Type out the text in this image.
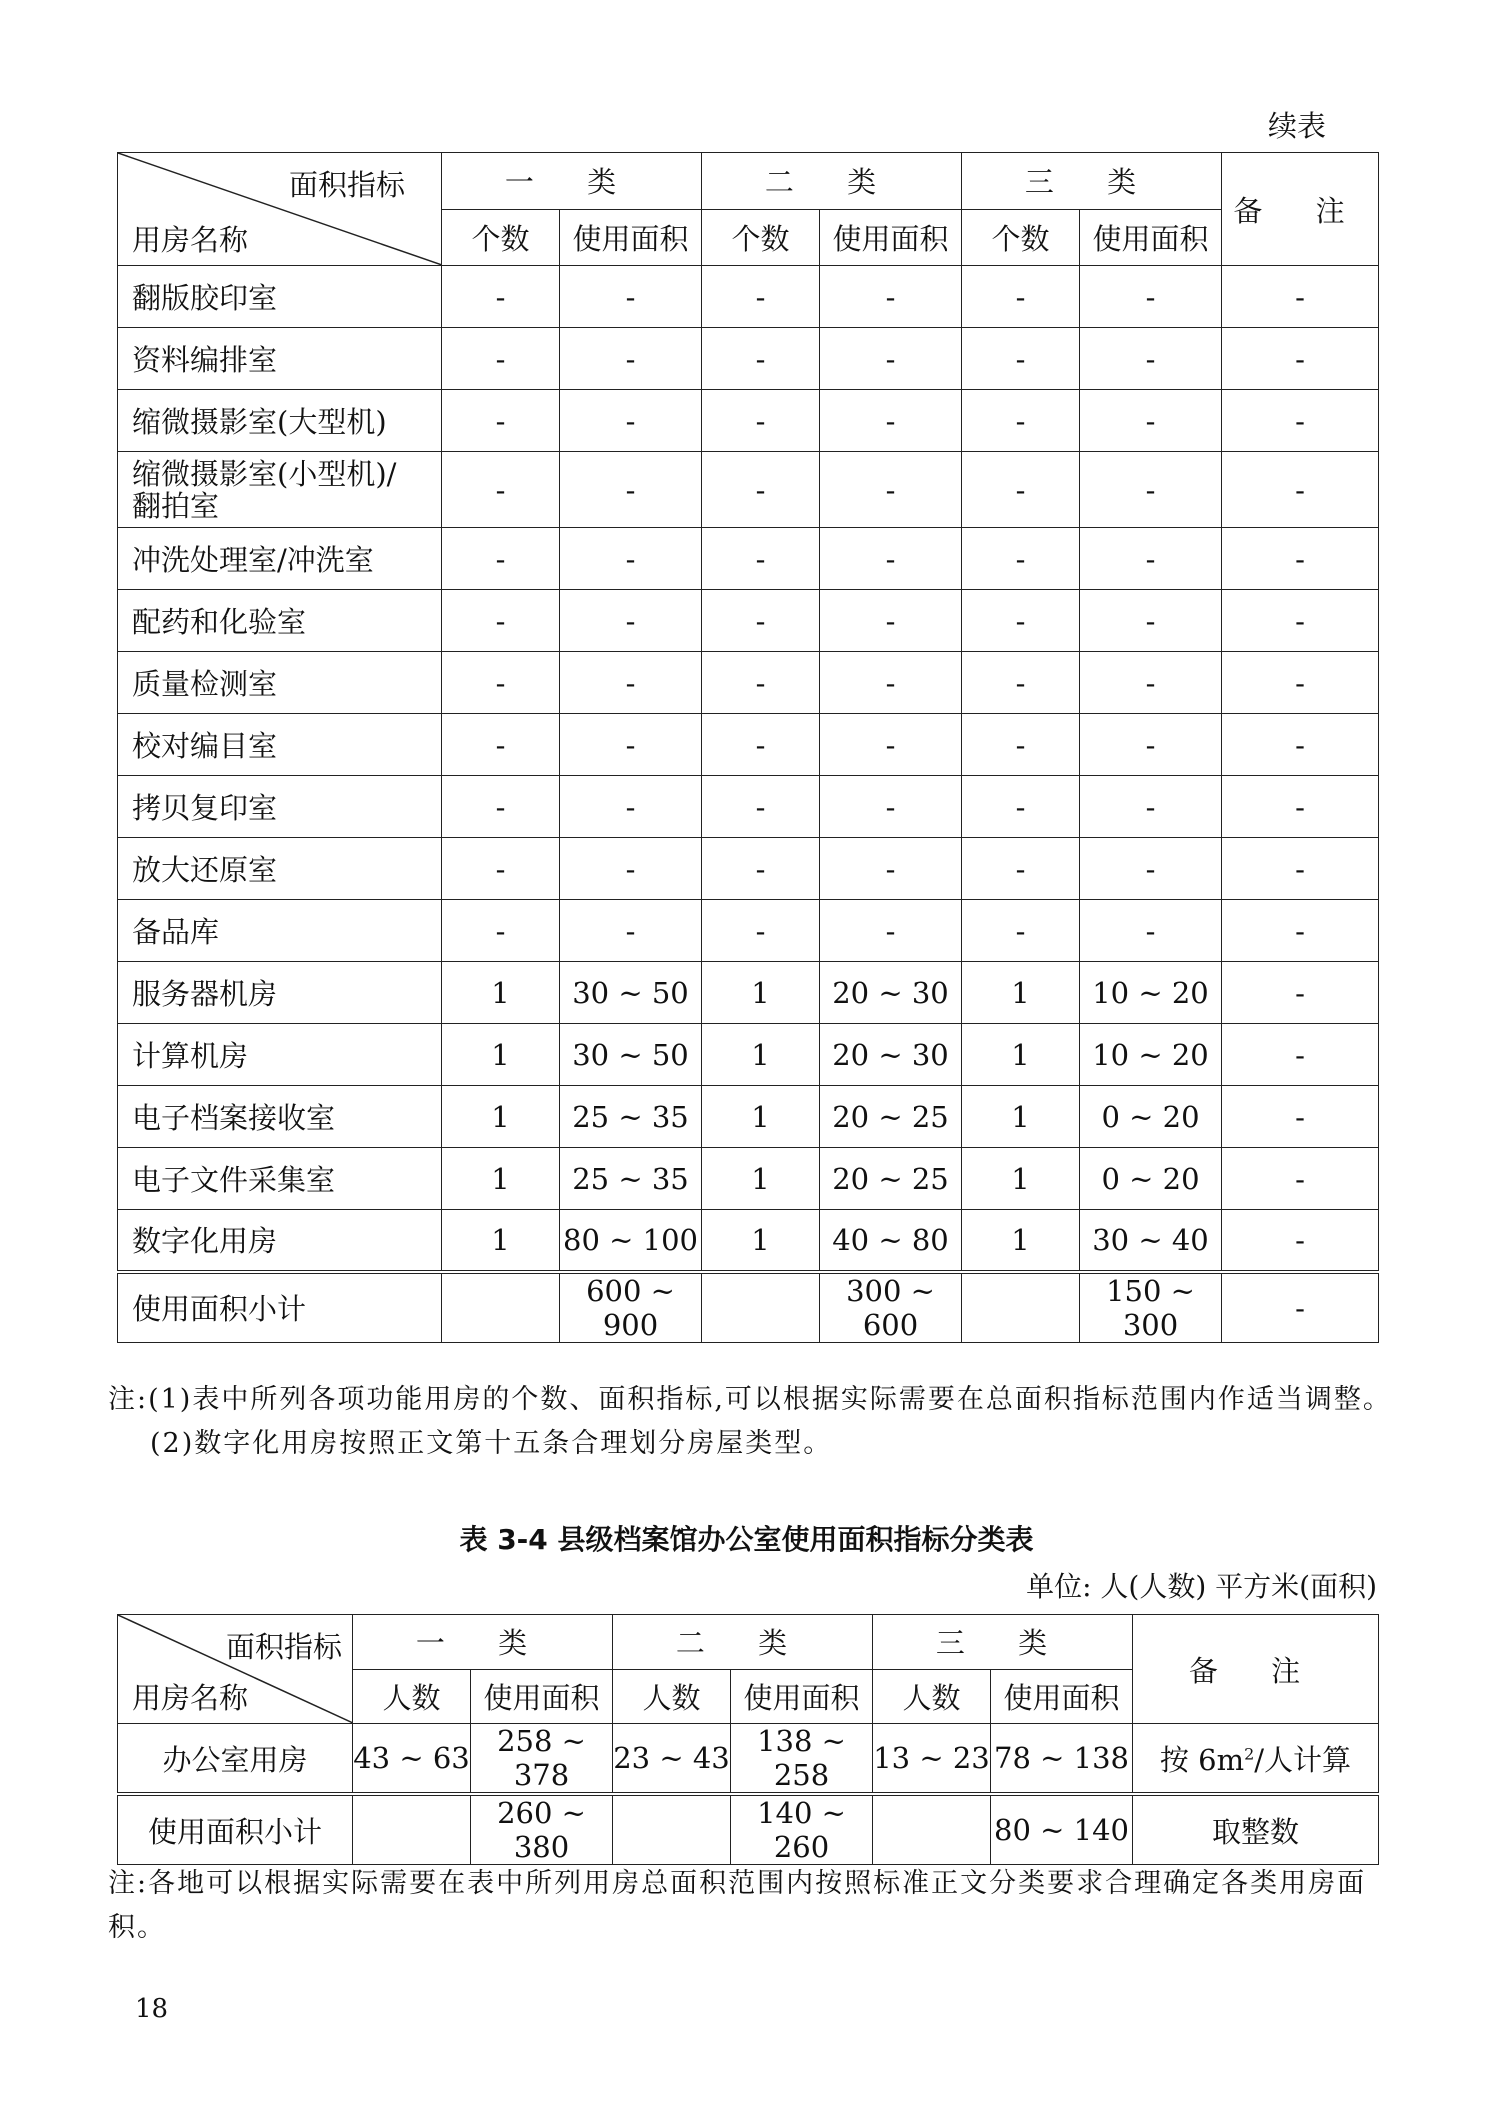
续表
面积指标
用房名称	一 类		二 类		三 类		备 注
	个数	使用面积	个数	使用面积	个数	使用面积	
翻版胶印室	-	-	-	-	-	-	-
资料编排室	-	-	-	-	-	-	-
缩微摄影室(大型机)	-	-	-	-	-	-	-

缩微摄影室(小型机)/
翻拍室	-	-	-	-	-	-	-
冲洗处理室/冲洗室	-	-	-	-	-	-	-
配药和化验室	-	-	-	-	-	-	-
质量检测室	-	-	-	-	-	-	-
校对编目室	-	-	-	-	-	-	-
拷贝复印室	-	-	-	-	-	-	-
放大还原室	-	-	-	-	-	-	-
备品库	-	-	-	-	-	-	-
服务器机房	1	30 ~ 50	1	20 ~ 30	1	10 ~ 20	-
计算机房	1	30 ~ 50	1	20 ~ 30	1	10 ~ 20	-
电子档案接收室	1	25 ~ 35	1	20 ~ 25	1	0 ~ 20	-
电子文件采集室	1	25 ~ 35	1	20 ~ 25	1	0 ~ 20	-
数字化用房	1	80 ~ 100	1	40 ~ 80	1	30 ~ 40	-
使用面积小计		600 ~ 900		300 ~ 600		150 ~ 300	-
注:(1)表中所列各项功能用房的个数、面积指标,可以根据实际需要在总面积指标范围内作适当调整。
(2)数字化用房按照正文第十五条合理划分房屋类型。
表 3-4 县级档案馆办公室使用面积指标分类表
单位: 人(人数) 平方米(面积)
面积指标
用房名称	一 类		二 类		三 类		备 注
	人数	使用面积	人数	使用面积	人数	使用面积	
办公室用房	43 ~ 63	258 ~ 378	23 ~ 43	138 ~ 258	13 ~ 23	78 ~ 138	按 $6m^2/$人计算
使用面积小计		260 ~ 380		140 ~ 260		80 ~ 140	取整数
注:各地可以根据实际需要在表中所列用房总面积范围内按照标准正文分类要求合理确定各类用房面积。
18
